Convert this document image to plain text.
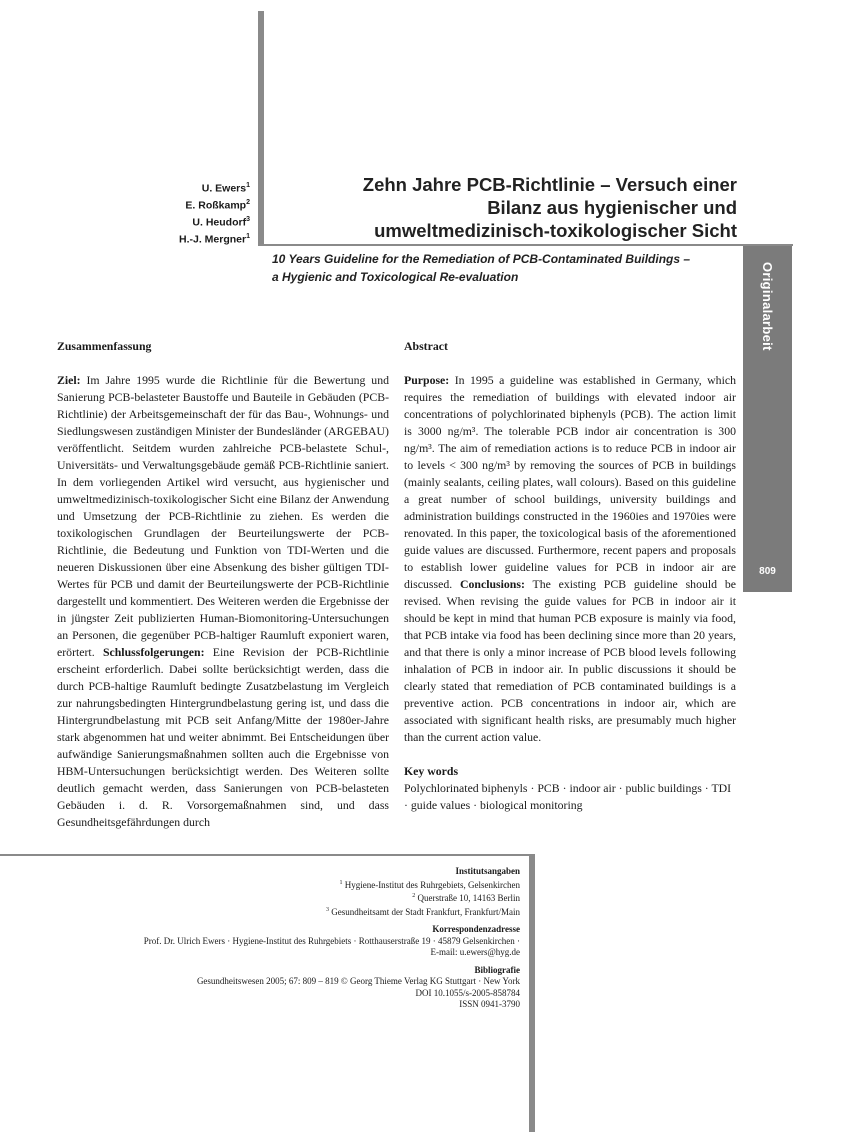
Originalarbeit
809
U. Ewers$^1$
E. Roßkamp$^2$
U. Heudorf$^3$
H.-J. Mergner$^1$
Zehn Jahre PCB-Richtlinie – Versuch einer
Bilanz aus hygienischer und
umweltmedizinisch-toxikologischer Sicht
10 Years Guideline for the Remediation of PCB-Contaminated Buildings –
a Hygienic and Toxicological Re-evaluation
Zusammenfassung

Ziel: Im Jahre 1995 wurde die Richtlinie für die Bewertung und Sanierung PCB-belasteter Baustoffe und Bauteile in Gebäuden (PCB-Richtlinie) der Arbeitsgemeinschaft der für das Bau-, Wohnungs- und Siedlungswesen zuständigen Minister der Bundesländer (ARGEBAU) veröffentlicht. Seitdem wurden zahlreiche PCB-belastete Schul-, Universitäts- und Verwaltungsgebäude gemäß PCB-Richtlinie saniert. In dem vorliegenden Artikel wird versucht, aus hygienischer und umweltmedizinisch-toxikologischer Sicht eine Bilanz der Anwendung und Umsetzung der PCB-Richtlinie zu ziehen. Es werden die toxikologischen Grundlagen der Beurteilungswerte der PCB-Richtlinie, die Bedeutung und Funktion von TDI-Werten und die neueren Diskussionen über eine Absenkung des bisher gültigen TDI-Wertes für PCB und damit der Beurteilungswerte der PCB-Richtlinie dargestellt und kommentiert. Des Weiteren werden die Ergebnisse der in jüngster Zeit publizierten Human-Biomonitoring-Untersuchungen an Personen, die gegenüber PCB-haltiger Raumluft exponiert waren, erörtert. Schlussfolgerungen: Eine Revision der PCB-Richtlinie erscheint erforderlich. Dabei sollte berücksichtigt werden, dass die durch PCB-haltige Raumluft bedingte Zusatzbelastung im Vergleich zur nahrungsbedingten Hintergrundbelastung gering ist, und dass die Hintergrundbelastung mit PCB seit Anfang/Mitte der 1980er-Jahre stark abgenommen hat und weiter abnimmt. Bei Entscheidungen über aufwändige Sanierungsmaßnahmen sollten auch die Ergebnisse von HBM-Untersuchungen berücksichtigt werden. Des Weiteren sollte deutlich gemacht werden, dass Sanierungen von PCB-belasteten Gebäuden i. d. R. Vorsorgemaßnahmen sind, und dass Gesundheitsgefährdungen durch

Abstract

Purpose: In 1995 a guideline was established in Germany, which requires the remediation of buildings with elevated indoor air concentrations of polychlorinated biphenyls (PCB). The action limit is 3000 ng/m³. The tolerable PCB indor air concentration is 300 ng/m³. The aim of remediation actions is to reduce PCB in indoor air to levels < 300 ng/m³ by removing the sources of PCB in buildings (mainly sealants, ceiling plates, wall colours). Based on this guideline a great number of school buildings, university buildings and administration buildings constructed in the 1960ies and 1970ies were renovated. In this paper, the toxicological basis of the aforementioned guide values are discussed. Furthermore, recent papers and proposals to establish lower guideline values for PCB in indoor air are discussed. Conclusions: The existing PCB guideline should be revised. When revising the guide values for PCB in indoor air it should be kept in mind that human PCB exposure is mainly via food, that PCB intake via food has been declining since more than 20 years, and that there is only a minor increase of PCB blood levels following inhalation of PCB in indoor air. In public discussions it should be clearly stated that remediation of PCB contaminated buildings is a preventive action. PCB concentrations in indoor air, which are associated with significant health risks, are presumably much higher than the current action value.

Key words

Polychlorinated biphenyls · PCB · indoor air · public buildings · TDI · guide values · biological monitoring

Institutsangaben
$^1$ Hygiene-Institut des Ruhrgebiets, Gelsenkirchen
$^2$ Querstraße 10, 14163 Berlin
$^3$ Gesundheitsamt der Stadt Frankfurt, Frankfurt/Main
Korrespondenzadresse
Prof. Dr. Ulrich Ewers · Hygiene-Institut des Ruhrgebiets · Rotthauserstraße 19 · 45879 Gelsenkirchen ·
E-mail: u.ewers@hyg.de
Bibliografie
Gesundheitswesen 2005; 67: 809 – 819 © Georg Thieme Verlag KG Stuttgart · New York
DOI 10.1055/s-2005-858784
ISSN 0941-3790
